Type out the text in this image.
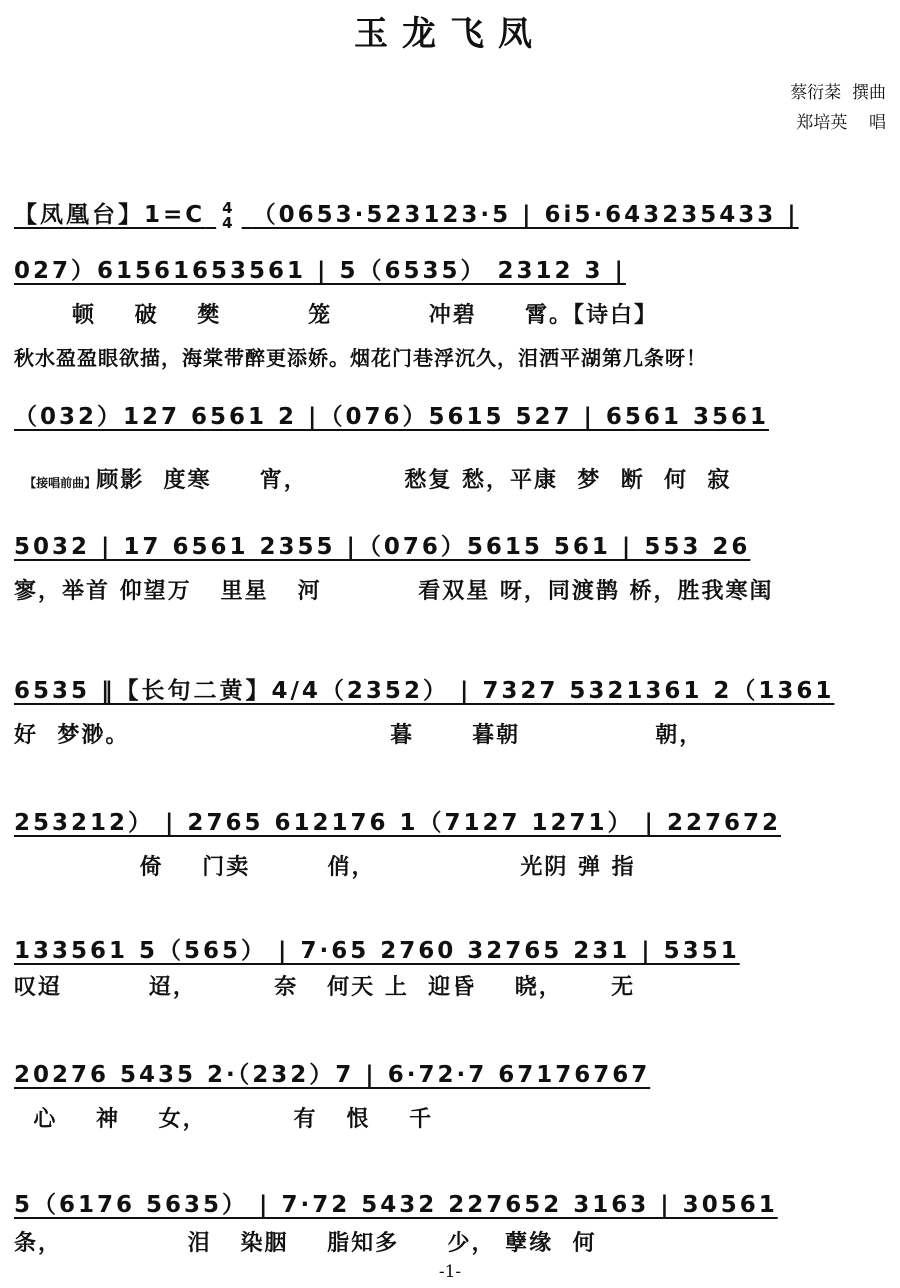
玉龙飞凤
蔡衍棻  撰曲
郑培英    唱
【凤凰台】1=C 4
4 （0653·523123·5 | 6i5·643235433 |
027）61561653561 | 5（6535） 2312 3 |
顿    破    樊         笼          冲碧     霄。【诗白】
秋水盈盈眼欲描，海棠带醉更添娇。烟花门巷浮沉久，泪洒平湖第几条呀！
（032）127 6561 2 |（076）5615 527 | 6561 3561

【接唱前曲】顾影  度寒     宵，          愁复 愁，平康  梦  断  何  寂

5032 | 17 6561 2355 |（076）5615 561 | 553 26
寥，举首 仰望万   里星   河          看双星 呀，同渡鹊 桥，胜我寒闺
6535 ‖【长句二黄】4/4（2352） | 7327 5321361 2（1361
好  梦渺。                           暮      暮朝              朝，
253212） | 2765 612176 1（7127 1271） | 227672
倚    门卖        俏，               光阴 弹 指
133561 5（565） | 7·65 2760 32765 231 | 5351
叹迢         迢，        奈   何天 上  迎昏    晓，     无
20276 5435 2·（232）7 | 6·72·7 67176767
心    神    女，         有   恨    千
5（6176 5635） | 7·72 5432 227652 3163 | 30561
条，             泪   染胭    脂知多     少， 孽缘  何
-1-
